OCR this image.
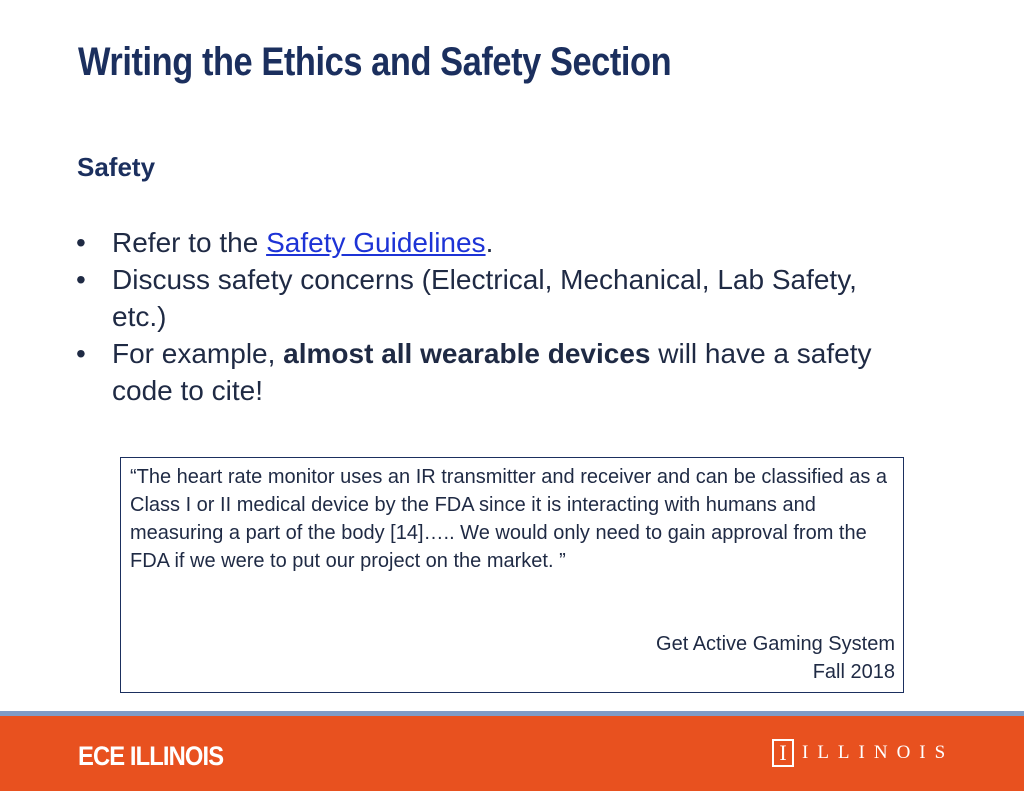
Writing the Ethics and Safety Section
Safety
• Refer to the Safety Guidelines.
• Discuss safety concerns (Electrical, Mechanical, Lab Safety, etc.)
• For example, almost all wearable devices will have a safety code to cite!

“The heart rate monitor uses an IR transmitter and receiver and can be classified as a Class I or II medical device by the FDA since it is interacting with humans and measuring a part of the body [14]….. We would only need to gain approval from the FDA if we were to put our project on the market. ”

Get Active Gaming System
Fall 2018
ECE ILLINOIS	I ILLINOIS
